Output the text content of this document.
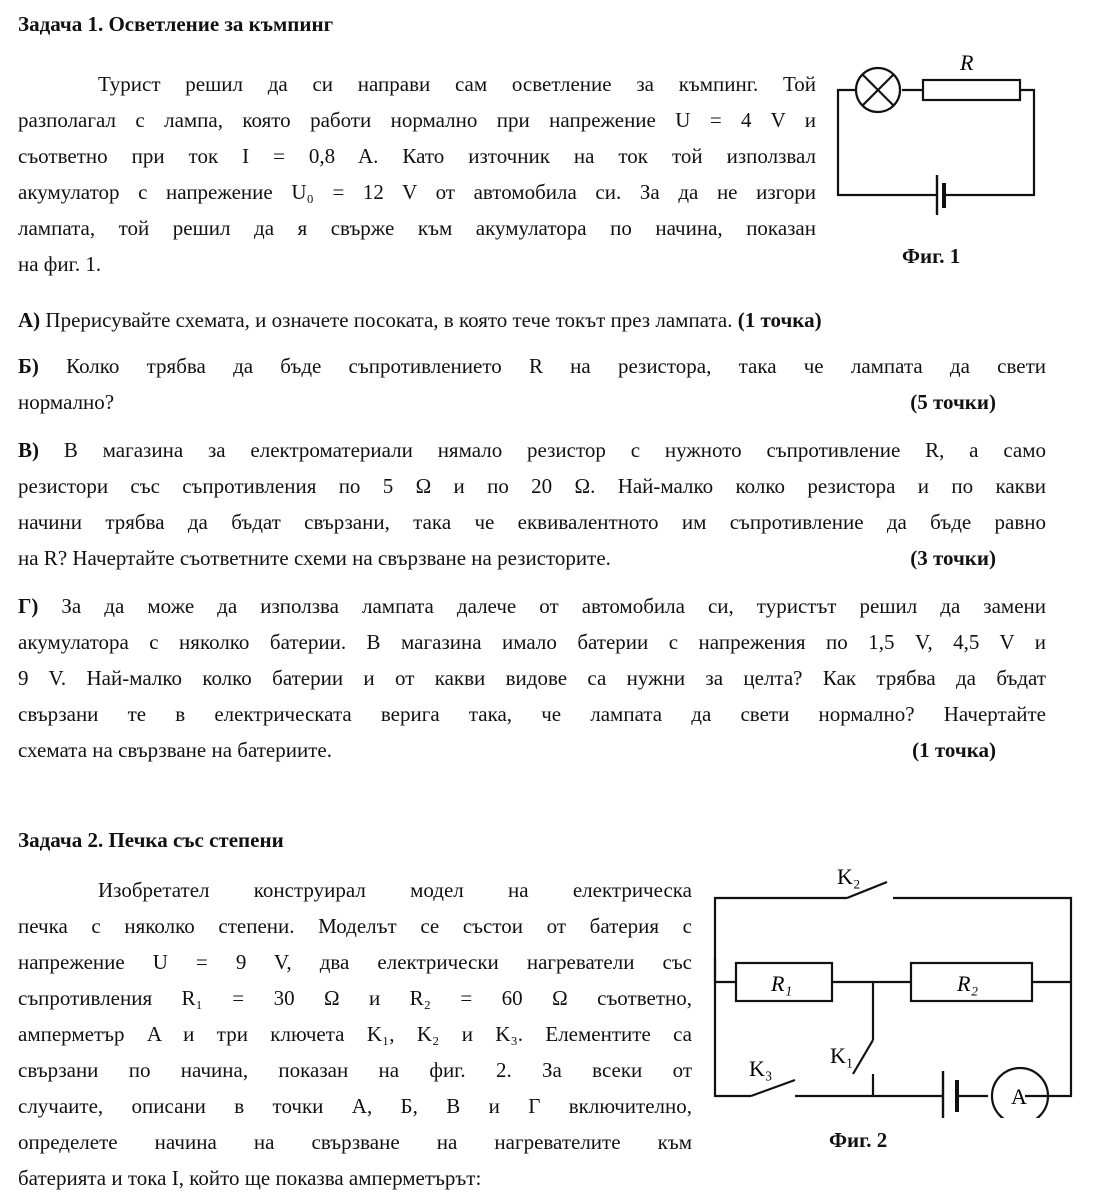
Задача 1. Осветление за къмпинг
Турист решил да си направи сам осветление за къмпинг. Той
разполагал с лампа, която работи нормално при напрежение U = 4 V и
съответно при ток I = 0,8 A. Като източник на ток той използвал
акумулатор с напрежение U₀ = 12 V от автомобила си. За да не изгори
лампата, той решил да я свърже към акумулатора по начина, показан
на фиг. 1.
R
Фиг. 1
А) Прерисувайте схемата, и означете посоката, в която тече токът през лампата. (1 точка)
Б) Колко трябва да бъде съпротивлението R на резистора, така че лампата да свети
нормално?	(5 точки)
В) В магазина за електроматериали нямало резистор с нужното съпротивление R, а само
резистори със съпротивления по 5 Ω и по 20 Ω. Най-малко колко резистора и по какви
начини трябва да бъдат свързани, така че еквивалентното им съпротивление да бъде равно
на R? Начертайте съответните схеми на свързване на резисторите.	(3 точки)
Г) За да може да използва лампата далече от автомобила си, туристът решил да замени
акумулатора с няколко батерии. В магазина имало батерии с напрежения по 1,5 V, 4,5 V и
9 V. Най-малко колко батерии и от какви видове са нужни за целта? Как трябва да бъдат
свързани те в електрическата верига така, че лампата да свети нормално? Начертайте
схемата на свързване на батериите.	(1 точка)
Задача 2. Печка със степени
Изобретател конструирал модел на електрическа
печка с няколко степени. Моделът се състои от батерия с
напрежение U = 9 V, два електрически нагреватели със
съпротивления R₁ = 30 Ω и R₂ = 60 Ω съответно,
амперметър A и три ключета K₁, K₂ и K₃. Елементите са
свързани по начина, показан на фиг. 2. За всеки от
случаите, описани в точки А, Б, В и Г включително,
определете начина на свързване на нагревателите към
батерията и тока I, който ще показва амперметърът:
K₂
K₁
K₃
R₁	R₂
A
Фиг. 2
